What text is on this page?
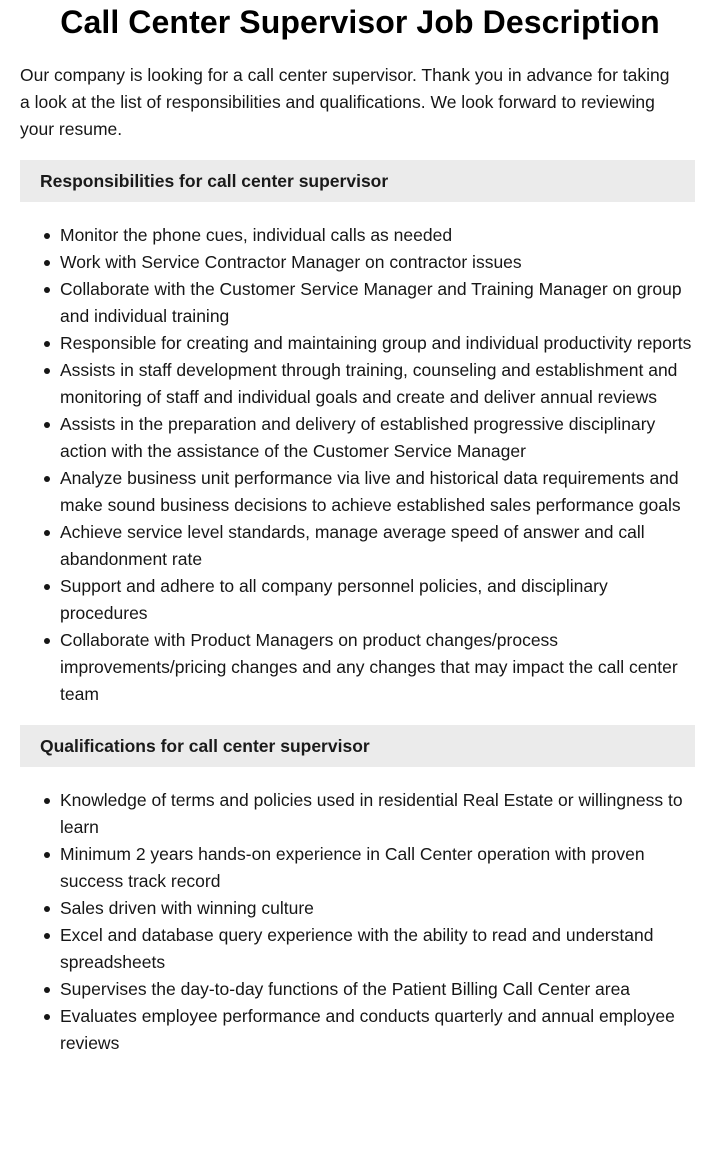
Call Center Supervisor Job Description

Our company is looking for a call center supervisor. Thank you in advance for taking a look at the list of responsibilities and qualifications. We look forward to reviewing your resume.

Responsibilities for call center supervisor
Monitor the phone cues, individual calls as needed
Work with Service Contractor Manager on contractor issues
Collaborate with the Customer Service Manager and Training Manager on group and individual training
Responsible for creating and maintaining group and individual productivity reports
Assists in staff development through training, counseling and establishment and monitoring of staff and individual goals and create and deliver annual reviews
Assists in the preparation and delivery of established progressive disciplinary action with the assistance of the Customer Service Manager
Analyze business unit performance via live and historical data requirements and make sound business decisions to achieve established sales performance goals
Achieve service level standards, manage average speed of answer and call abandonment rate
Support and adhere to all company personnel policies, and disciplinary procedures
Collaborate with Product Managers on product changes/process improvements/pricing changes and any changes that may impact the call center team
Qualifications for call center supervisor
Knowledge of terms and policies used in residential Real Estate or willingness to learn
Minimum 2 years hands-on experience in Call Center operation with proven success track record
Sales driven with winning culture
Excel and database query experience with the ability to read and understand spreadsheets
Supervises the day-to-day functions of the Patient Billing Call Center area
Evaluates employee performance and conducts quarterly and annual employee reviews
